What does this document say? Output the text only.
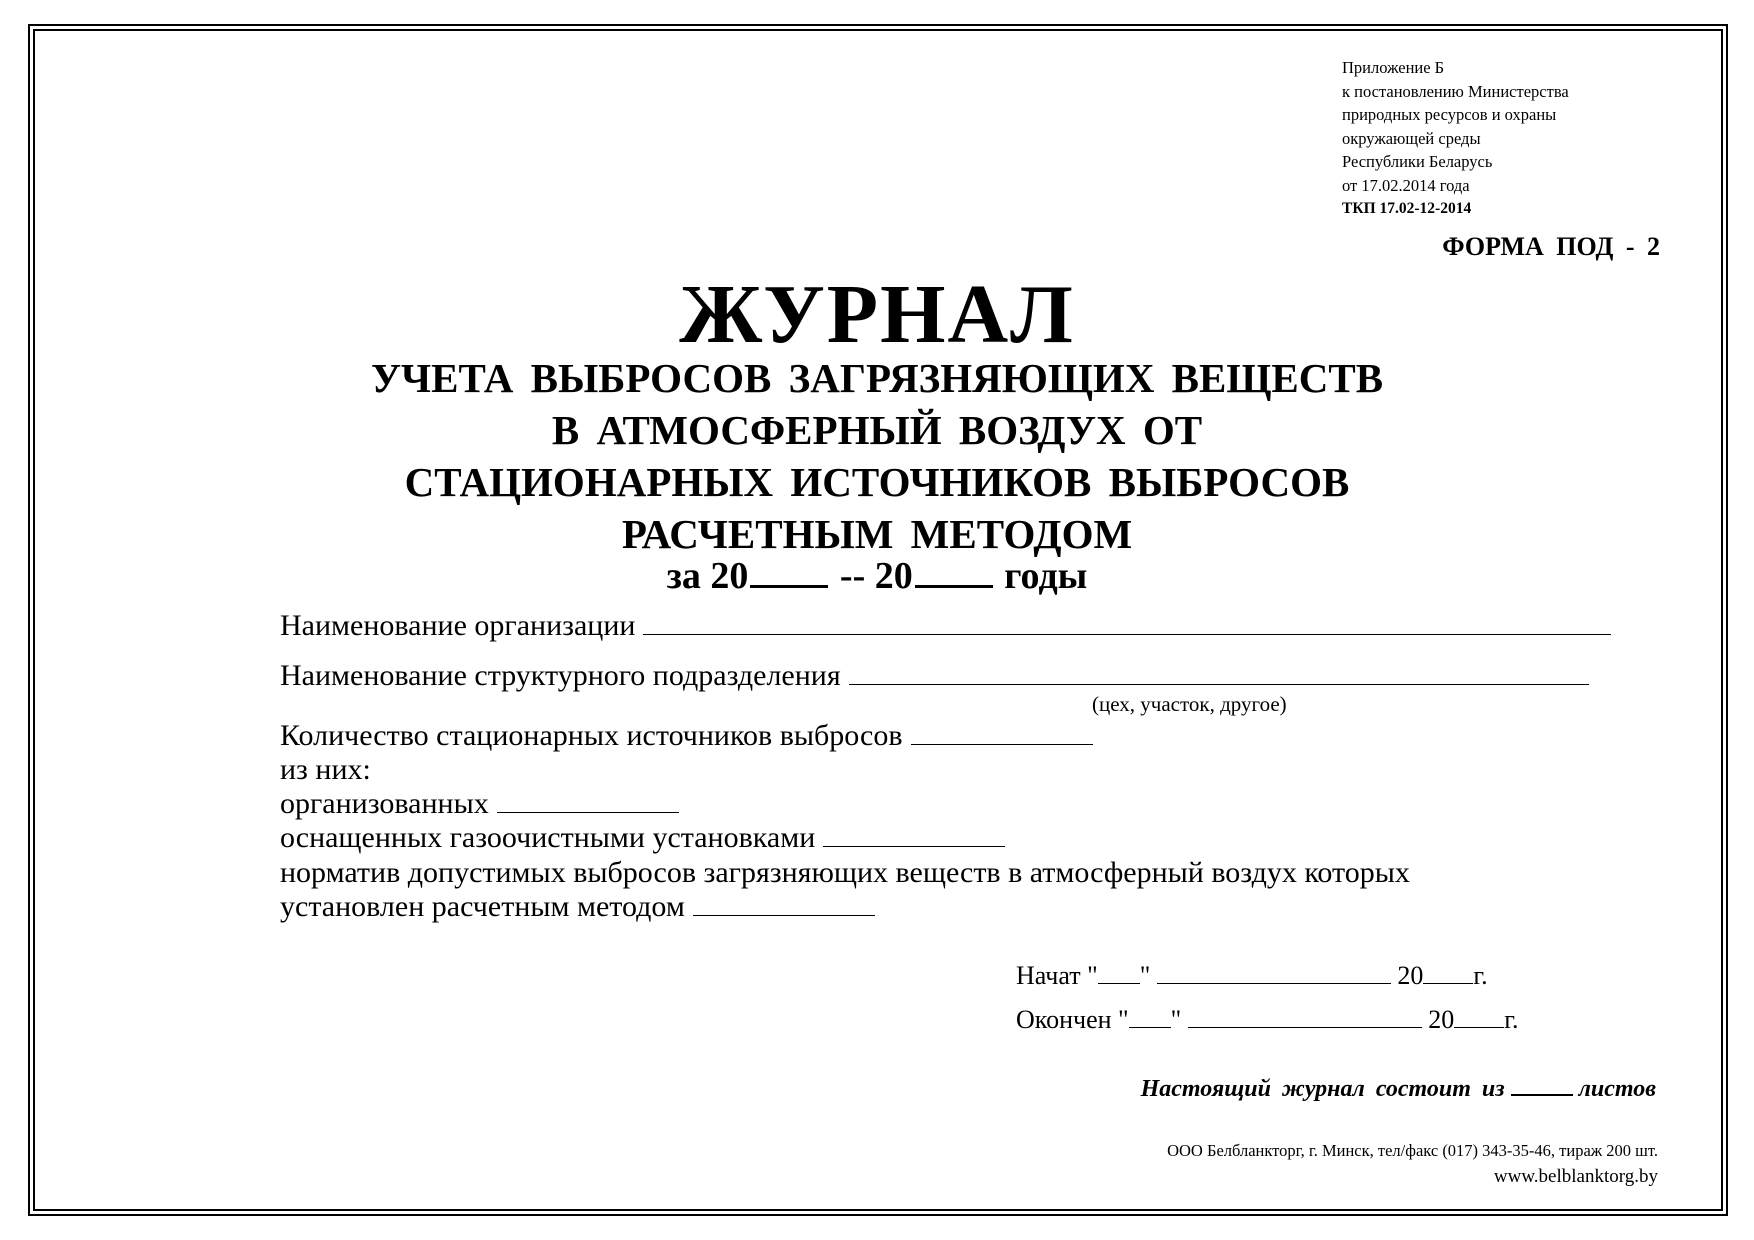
Приложение Б
к постановлению Министерства
природных ресурсов и охраны
окружающей среды
Республики Беларусь
от 17.02.2014 года
ТКП 17.02-12-2014
ФОРМА ПОД - 2
ЖУРНАЛ
УЧЕТА ВЫБРОСОВ ЗАГРЯЗНЯЮЩИХ ВЕЩЕСТВ
В АТМОСФЕРНЫЙ ВОЗДУХ ОТ
СТАЦИОНАРНЫХ ИСТОЧНИКОВ ВЫБРОСОВ
РАСЧЕТНЫМ МЕТОДОМ
за 20 -- 20 годы
Наименование организации
Наименование структурного подразделения
(цех, участок, другое)
Количество стационарных источников выбросов
из них:
организованных
оснащенных газоочистными установками
норматив допустимых выбросов загрязняющих веществ в атмосферный воздух которых
установлен расчетным методом
Начат " "	20 г.
Окончен " "	20 г.
Настоящий журнал состоит из	листов
ООО Белбланкторг, г. Минск, тел/факс (017) 343-35-46, тираж 200 шт.
www.belblanktorg.by
